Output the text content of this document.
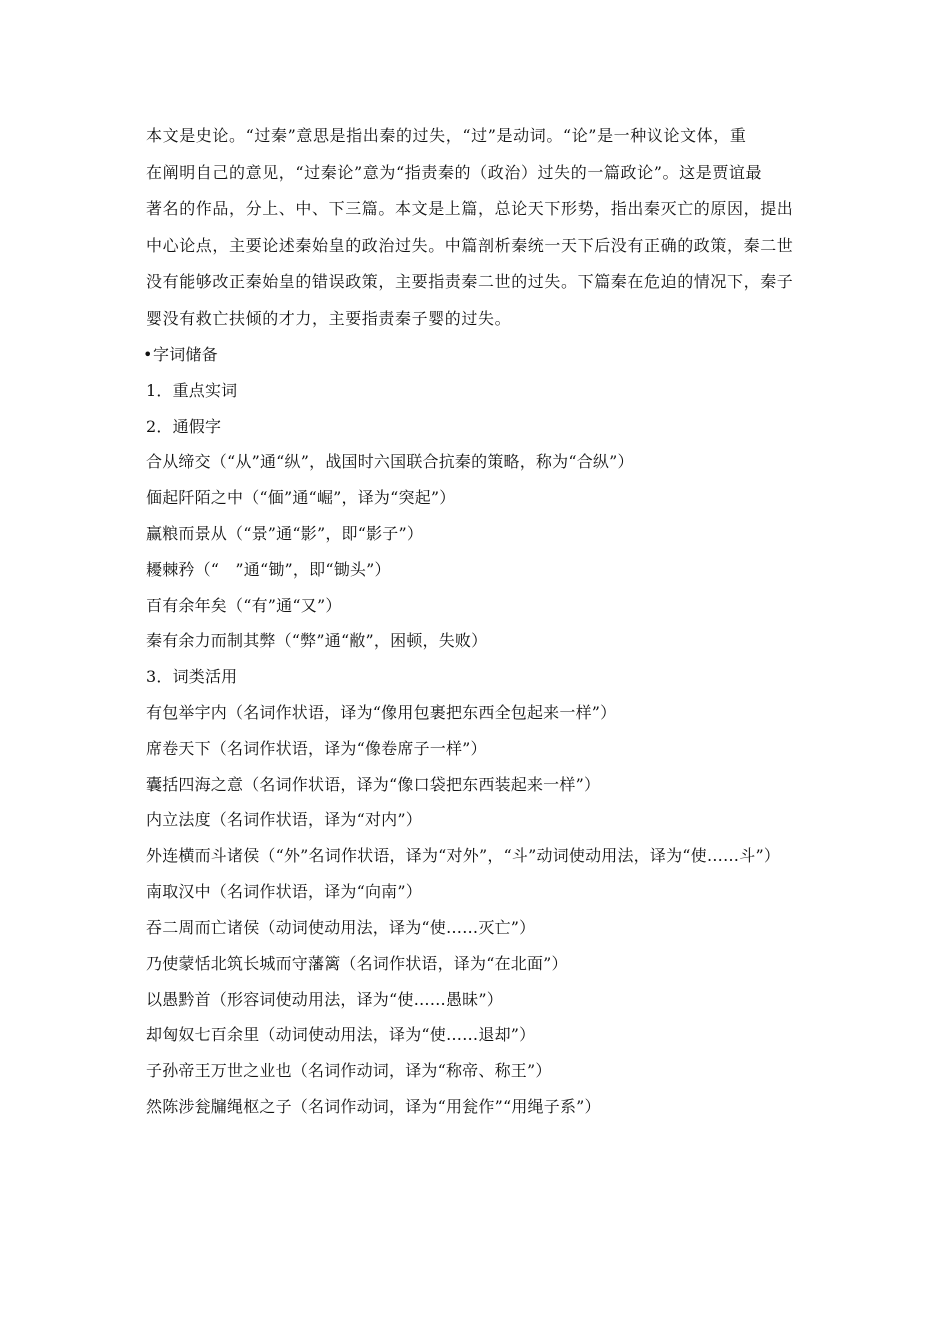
本文是史论。“过秦”意思是指出秦的过失，“过”是动词。“论”是一种议论文体，重

在阐明自己的意见，“过秦论”意为“指责秦的（政治）过失的一篇政论”。这是贾谊最

著名的作品，分上、中、下三篇。本文是上篇，总论天下形势，指出秦灭亡的原因，提出

中心论点，主要论述秦始皇的政治过失。中篇剖析秦统一天下后没有正确的政策，秦二世

没有能够改正秦始皇的错误政策，主要指责秦二世的过失。下篇秦在危迫的情况下，秦子

婴没有救亡扶倾的才力，主要指责秦子婴的过失。

•字词储备

1．重点实词

2．通假字

合从缔交（“从”通“纵”，战国时六国联合抗秦的策略，称为“合纵”）

偭起阡陌之中（“偭”通“崛”，译为“突起”）

赢粮而景从（“景”通“影”，即“影子”）

耰棘矜（“　”通“锄”，即“锄头”）

百有余年矣（“有”通“又”）

秦有余力而制其弊（“弊”通“敝”，困顿，失败）

3．词类活用

有包举宇内（名词作状语，译为“像用包裹把东西全包起来一样”）

席卷天下（名词作状语，译为“像卷席子一样”）

囊括四海之意（名词作状语，译为“像口袋把东西装起来一样”）

内立法度（名词作状语，译为“对内”）

外连横而斗诸侯（“外”名词作状语，译为“对外”，“斗”动词使动用法，译为“使……斗”）

南取汉中（名词作状语，译为“向南”）

吞二周而亡诸侯（动词使动用法，译为“使……灭亡”）

乃使蒙恬北筑长城而守藩篱（名词作状语，译为“在北面”）

以愚黔首（形容词使动用法，译为“使……愚昧”）

却匈奴七百余里（动词使动用法，译为“使……退却”）

子孙帝王万世之业也（名词作动词，译为“称帝、称王”）

然陈涉瓮牖绳枢之子（名词作动词，译为“用瓮作”“用绳子系”）
